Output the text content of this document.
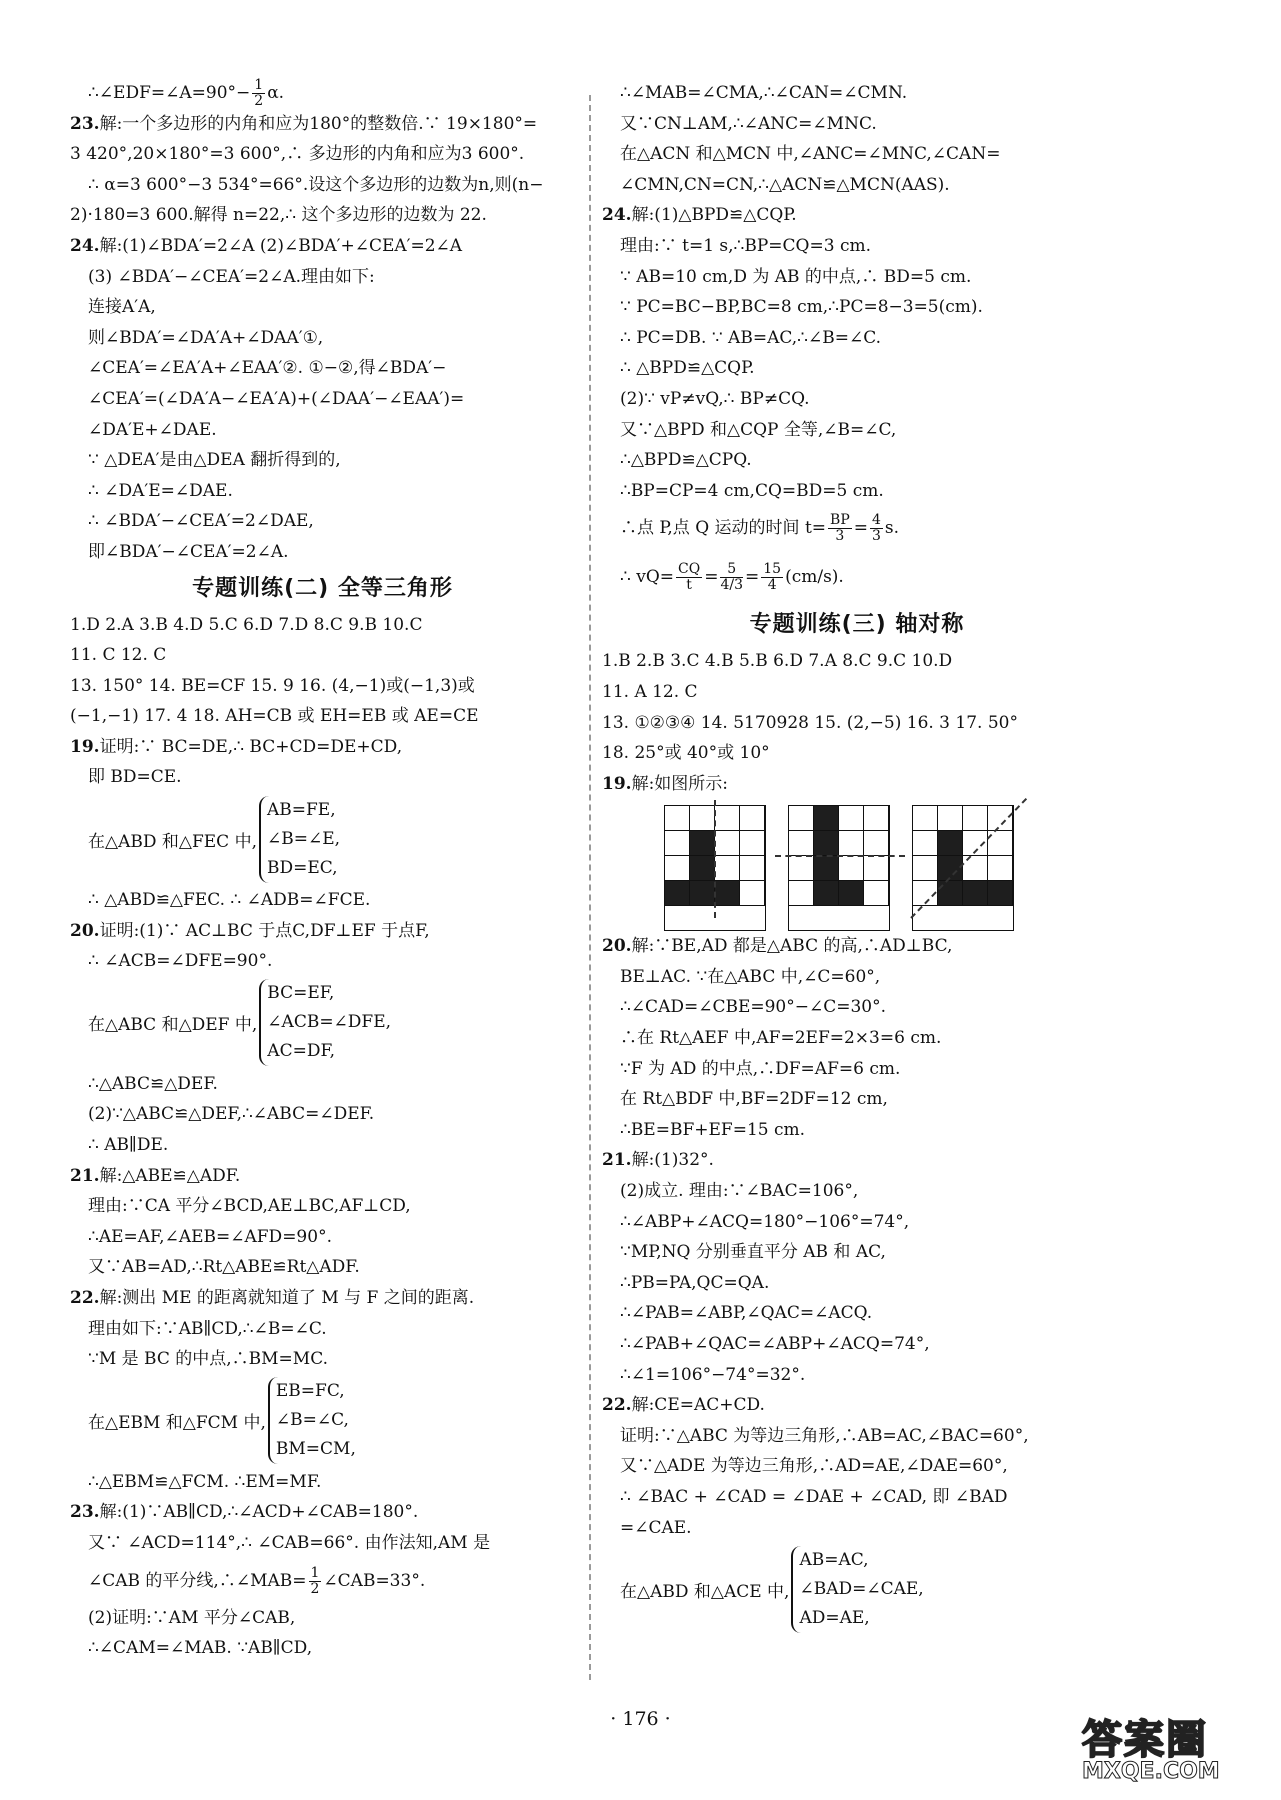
∴∠EDF=∠A=90°− $\frac{1}{2} \alpha$.
23.解:一个多边形的内角和应为180°的整数倍.∵ 19×180°=
3 420°,20×180°=3 600°,∴ 多边形的内角和应为3 600°.
∴ α=3 600°−3 534°=66°.设这个多边形的边数为n,则(n−
2)·180=3 600.解得 n=22,∴ 这个多边形的边数为 22.
24.解:(1)∠BDA′=2∠A (2)∠BDA′+∠CEA′=2∠A
(3) ∠BDA′−∠CEA′=2∠A.理由如下:
连接A′A,
则∠BDA′=∠DA′A+∠DAA′①,
∠CEA′=∠EA′A+∠EAA′②. ①−②,得∠BDA′−
∠CEA′=(∠DA′A−∠EA′A)+(∠DAA′−∠EAA′)=
∠DA′E+∠DAE.
∵ △DEA′是由△DEA 翻折得到的,
∴ ∠DA′E=∠DAE.
∴ ∠BDA′−∠CEA′=2∠DAE,
即∠BDA′−∠CEA′=2∠A.
专题训练(二) 全等三角形
1.D 2.A 3.B 4.D 5.C 6.D 7.D 8.C 9.B 10.C
11. C 12. C
13. 150° 14. BE=CF 15. 9 16. (4,−1)或(−1,3)或
(−1,−1) 17. 4 18. AH=CB 或 EH=EB 或 AE=CE
19.证明:∵ BC=DE,∴ BC+CD=DE+CD,
即 BD=CE.
在△ABD 和△FEC 中,
AB=FE,
∠B=∠E,
BD=EC,
∴ △ABD≌△FEC. ∴ ∠ADB=∠FCE.
20.证明:(1)∵ AC⊥BC 于点C,DF⊥EF 于点F,
∴ ∠ACB=∠DFE=90°.
在△ABC 和△DEF 中,
BC=EF,
∠ACB=∠DFE,
AC=DF,
∴△ABC≌△DEF.
(2)∵△ABC≌△DEF,∴∠ABC=∠DEF.
∴ AB∥DE.
21.解:△ABE≌△ADF.
理由:∵CA 平分∠BCD,AE⊥BC,AF⊥CD,
∴AE=AF,∠AEB=∠AFD=90°.
又∵AB=AD,∴Rt△ABE≌Rt△ADF.
22.解:测出 ME 的距离就知道了 M 与 F 之间的距离.
理由如下:∵AB∥CD,∴∠B=∠C.
∵M 是 BC 的中点,∴BM=MC.
在△EBM 和△FCM 中,
EB=FC,
∠B=∠C,
BM=CM,
∴△EBM≌△FCM. ∴EM=MF.
23.解:(1)∵AB∥CD,∴∠ACD+∠CAB=180°.
又∵ ∠ACD=114°,∴ ∠CAB=66°. 由作法知,AM 是
∠CAB 的平分线,∴∠MAB= $\frac{1}{2}$ ∠CAB=33°.
(2)证明:∵AM 平分∠CAB,
∴∠CAM=∠MAB. ∵AB∥CD,
∴∠MAB=∠CMA,∴∠CAN=∠CMN.
又∵CN⊥AM,∴∠ANC=∠MNC.
在△ACN 和△MCN 中,∠ANC=∠MNC,∠CAN=
∠CMN,CN=CN,∴△ACN≌△MCN(AAS).
24.解:(1)△BPD≌△CQP.
理由:∵ t=1 s,∴BP=CQ=3 cm.
∵ AB=10 cm,D 为 AB 的中点,∴ BD=5 cm.
∵ PC=BC−BP,BC=8 cm,∴PC=8−3=5(cm).
∴ PC=DB. ∵ AB=AC,∴∠B=∠C.
∴ △BPD≌△CQP.
(2)∵ vP≠vQ,∴ BP≠CQ.
又∵△BPD 和△CQP 全等,∠B=∠C,
∴△BPD≌△CPQ.
∴BP=CP=4 cm,CQ=BD=5 cm.
∴点 P,点 Q 运动的时间 $t= \frac{BP}{3} = \frac{4}{3} s$.
∴ $vQ= \frac{CQ}{t} = \frac{5}{4/3} = \frac{15}{4} (cm/s)$.
专题训练(三) 轴对称
1.B 2.B 3.C 4.B 5.B 6.D 7.A 8.C 9.C 10.D
11. A 12. C
13. ①②③④ 14. 5170928 15. (2,−5) 16. 3 17. 50°
18. 25°或 40°或 10°
19.解:如图所示:
20.解:∵BE,AD 都是△ABC 的高,∴AD⊥BC,
BE⊥AC. ∵在△ABC 中,∠C=60°,
∴∠CAD=∠CBE=90°−∠C=30°.
∴在 Rt△AEF 中,AF=2EF=2×3=6 cm.
∵F 为 AD 的中点,∴DF=AF=6 cm.
在 Rt△BDF 中,BF=2DF=12 cm,
∴BE=BF+EF=15 cm.
21.解:(1)32°.
(2)成立. 理由:∵∠BAC=106°,
∴∠ABP+∠ACQ=180°−106°=74°,
∵MP,NQ 分别垂直平分 AB 和 AC,
∴PB=PA,QC=QA.
∴∠PAB=∠ABP,∠QAC=∠ACQ.
∴∠PAB+∠QAC=∠ABP+∠ACQ=74°,
∴∠1=106°−74°=32°.
22.解:CE=AC+CD.
证明:∵△ABC 为等边三角形,∴AB=AC,∠BAC=60°,
又∵△ADE 为等边三角形,∴AD=AE,∠DAE=60°,
∴ ∠BAC + ∠CAD = ∠DAE + ∠CAD, 即 ∠BAD
=∠CAE.
在△ABD 和△ACE 中,
AB=AC,
∠BAD=∠CAE,
AD=AE,
· 176 ·	答案圈
MXQE.COM
